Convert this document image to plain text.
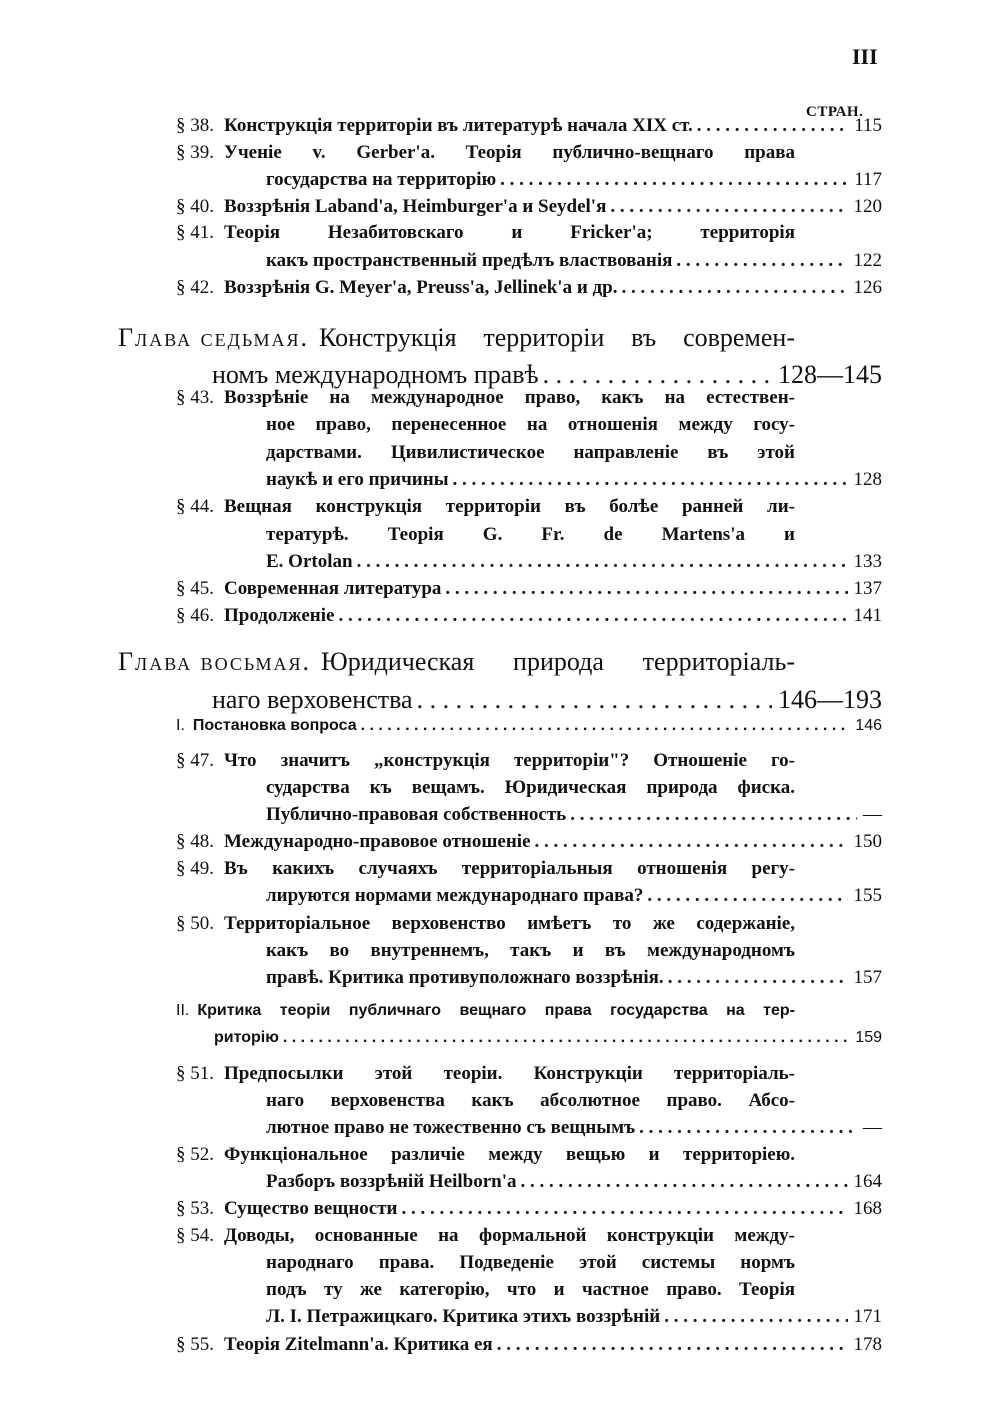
III
СТРАН.
§ 38. Конструкція территоріи въ литературѣ начала XIX ст. . . .	115
§ 39. Ученіе v. Gerber'a. Теорія публично-вещнаго права
государства на территорію . . .	117
§ 40. Воззрѣнія Laband'а, Heimburger'а и Seydel'я . . .	120
§ 41. Теорія Незабитовскаго и Fricker'а; территорія
какъ пространственный предѣлъ властвованія . . .	122
§ 42. Воззрѣнія G. Meyer'а, Preuss'а, Jellinek'а и др. . . .	126
Глава седьмая. Конструкція территоріи въ современ-
номъ международномъ правѣ . . .	128—145
§ 43. Воззрѣніе на международное право, какъ на естествен-
ное право, перенесенное на отношенія между госу-
дарствами. Цивилистическое направленіе въ этой
наукѣ и его причины . . .	128
§ 44. Вещная конструкція территоріи въ болѣе ранней ли-
тературѣ. Теорія G. Fr. de Martens'а и
E. Ortolan . . .	133
§ 45. Современная литература . . .	137
§ 46. Продолженіе . . .	141
Глава восьмая. Юридическая природа территоріаль-
наго верховенства . . .	146—193
I. Постановка вопроса . . .	146
§ 47. Что значитъ „конструкція территоріи"? Отношеніе го-
сударства къ вещамъ. Юридическая природа фиска.
Публично-правовая собственность . . .	—
§ 48. Международно-правовое отношеніе . . .	150
§ 49. Въ какихъ случаяхъ территоріальныя отношенія регу-
лируются нормами международнаго права? . . .	155
§ 50. Территоріальное верховенство имѣетъ то же содержаніе,
какъ во внутреннемъ, такъ и въ международномъ
правѣ. Критика противуположнаго воззрѣнія. . . .	157
II. Критика теоріи публичнаго вещнаго права государства на тер-
риторію . . .	159
§ 51. Предпосылки этой теоріи. Конструкціи территоріаль-
наго верховенства какъ абсолютное право. Абсо-
лютное право не тожественно съ вещнымъ . . .	—
§ 52. Функціональное различіе между вещью и территоріею.
Разборъ воззрѣній Heilborn'а . . .	164
§ 53. Существо вещности . . .	168
§ 54. Доводы, основанные на формальной конструкціи между-
народнаго права. Подведеніе этой системы нормъ
подъ ту же категорію, что и частное право. Теорія
Л. І. Петражицкаго. Критика этихъ воззрѣній . . .	171
§ 55. Теорія Zitelmann'а. Критика ея . . .	178
